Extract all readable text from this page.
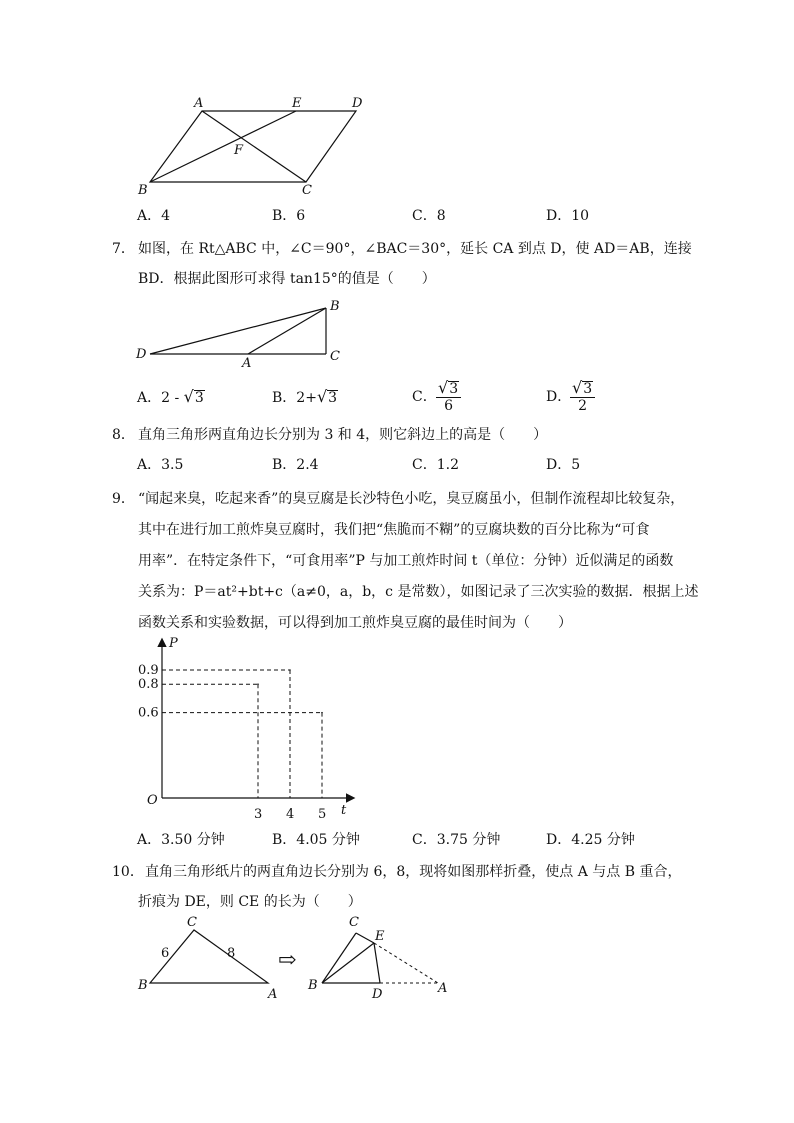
A	E	D
F
B	C
A．4	B．6	C．8	D．10
7． 如图，在 Rt△ABC 中，∠C＝90°，∠BAC＝30°，延长 CA 到点 D，使 AD＝AB，连接
BD．根据此图形可求得 tan15°的值是（　　）
B
D
A	C
A．2 - √3	B．2+√3	C． $\frac{√3}{6}$	D．
$\frac{√3}{2}$
8． 直角三角形两直角边长分别为 3 和 4，则它斜边上的高是（　　）
A．3.5	B．2.4	C．1.2	D．5
9． “闻起来臭，吃起来香”的臭豆腐是长沙特色小吃，臭豆腐虽小，但制作流程却比较复杂，
其中在进行加工煎炸臭豆腐时，我们把“焦脆而不糊”的豆腐块数的百分比称为“可食
用率”．在特定条件下，“可食用率”P 与加工煎炸时间 t（单位：分钟）近似满足的函数
关系为：P＝at²+bt+c（a≠0，a，b，c 是常数），如图记录了三次实验的数据．根据上述
函数关系和实验数据，可以得到加工煎炸臭豆腐的最佳时间为（　　）
P
t
O
3 4 5
0.9
0.8
0.6
A．3.50 分钟	B．4.05 分钟	C．3.75 分钟	D．4.25 分钟
10． 直角三角形纸片的两直角边长分别为 6，8，现将如图那样折叠，使点 A 与点 B 重合，
折痕为 DE，则 CE 的长为（　　）
C
B
A
6	8 ⇨
C
E
B
D	A
